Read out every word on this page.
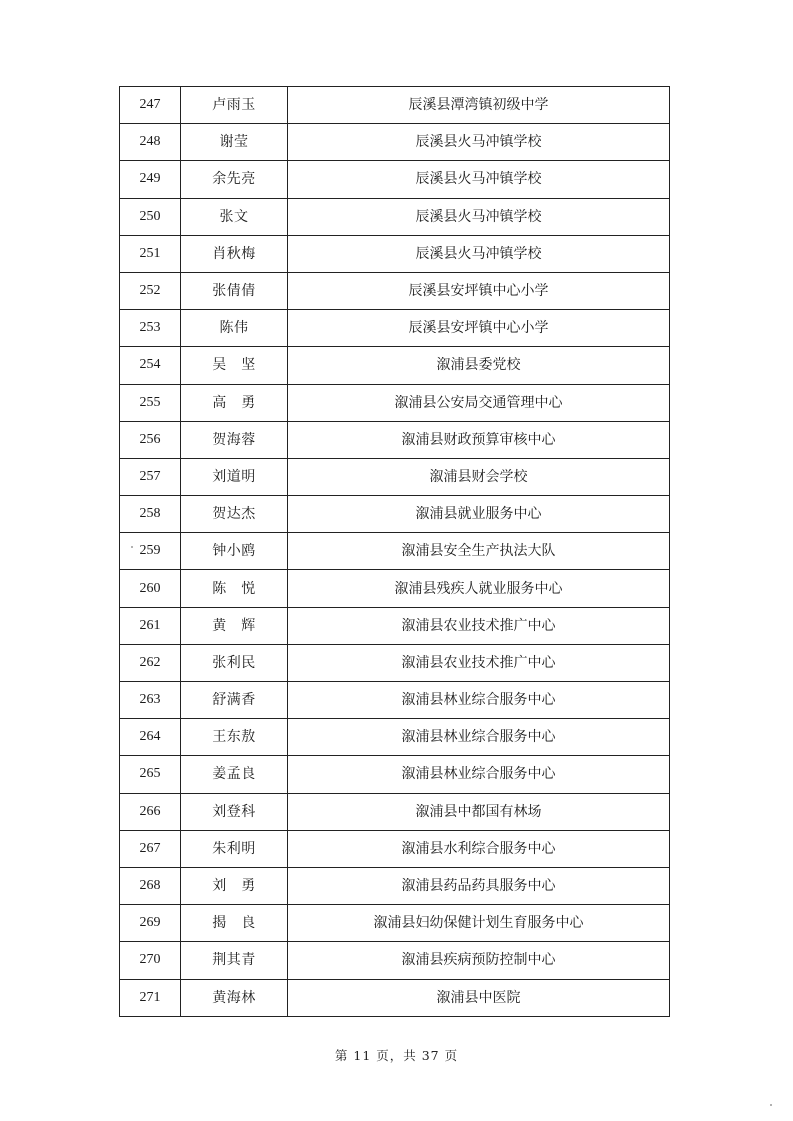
247	卢雨玉	辰溪县潭湾镇初级中学
248	谢莹	辰溪县火马冲镇学校
249	余先亮	辰溪县火马冲镇学校
250	张文	辰溪县火马冲镇学校
251	肖秋梅	辰溪县火马冲镇学校
252	张倩倩	辰溪县安坪镇中心小学
253	陈伟	辰溪县安坪镇中心小学
254	吴　坚	溆浦县委党校
255	高　勇	溆浦县公安局交通管理中心
256	贺海蓉	溆浦县财政预算审核中心
257	刘道明	溆浦县财会学校
258	贺达杰	溆浦县就业服务中心
259	钟小鸥	溆浦县安全生产执法大队
260	陈　悦	溆浦县残疾人就业服务中心
261	黄　辉	溆浦县农业技术推广中心
262	张利民	溆浦县农业技术推广中心
263	舒满香	溆浦县林业综合服务中心
264	王东敖	溆浦县林业综合服务中心
265	姜孟良	溆浦县林业综合服务中心
266	刘登科	溆浦县中都国有林场
267	朱利明	溆浦县水利综合服务中心
268	刘　勇	溆浦县药品药具服务中心
269	揭　良	溆浦县妇幼保健计划生育服务中心
270	荆其青	溆浦县疾病预防控制中心
271	黄海林	溆浦县中医院
第 11 页，共 37 页
